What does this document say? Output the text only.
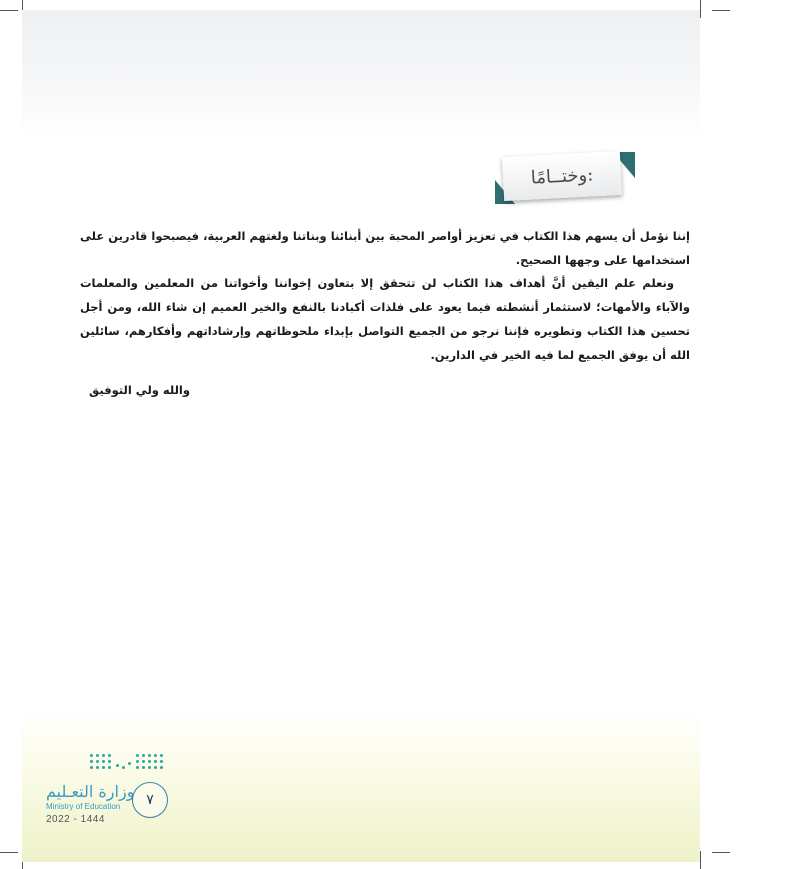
وختــامًا:
إننا نؤمل أن يسهم هذا الكتاب في تعزيز أواصر المحبة بين أبنائنا وبناتنا ولغتهم العربية، فيصبحوا قادرين على استخدامها على وجهها الصحيح.
ونعلم علم اليقين أنَّ أهداف هذا الكتاب لن تتحقق إلا بتعاون إخواننا وأخواتنا من المعلمين والمعلمات والآباء والأمهات؛ لاستثمار أنشطته فيما يعود على فلذات أكبادنا بالنفع والخير العميم إن شاء الله، ومن أجل تحسين هذا الكتاب وتطويره فإننا نرجو من الجميع التواصل بإبداء ملحوظاتهم وإرشاداتهم وأفكارهم، سائلين الله أن يوفق الجميع لما فيه الخير في الدارين.
والله ولي التوفيق
وزارة التعـليم
Ministry of Education
2022 - 1444
٧
